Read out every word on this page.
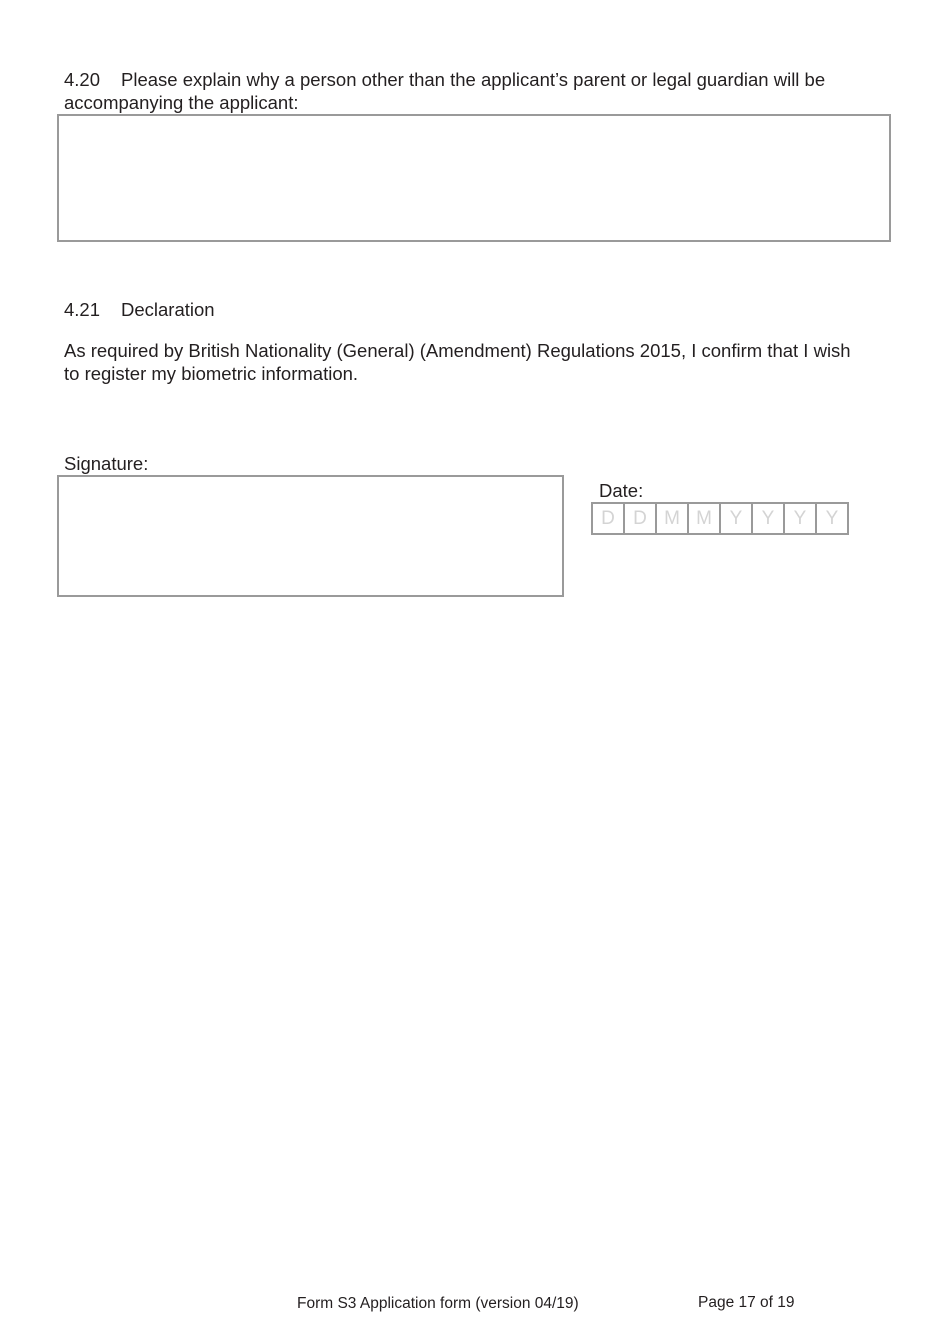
4.20 Please explain why a person other than the applicant’s parent or legal guardian will be
accompanying the applicant:
4.21 Declaration
As required by British Nationality (General) (Amendment) Regulations 2015, I confirm that I wish
to register my biometric information.
Signature:
Date:
D D M M Y	Y	Y	Y
Form S3 Application form (version 04/19)	Page 17 of 19
